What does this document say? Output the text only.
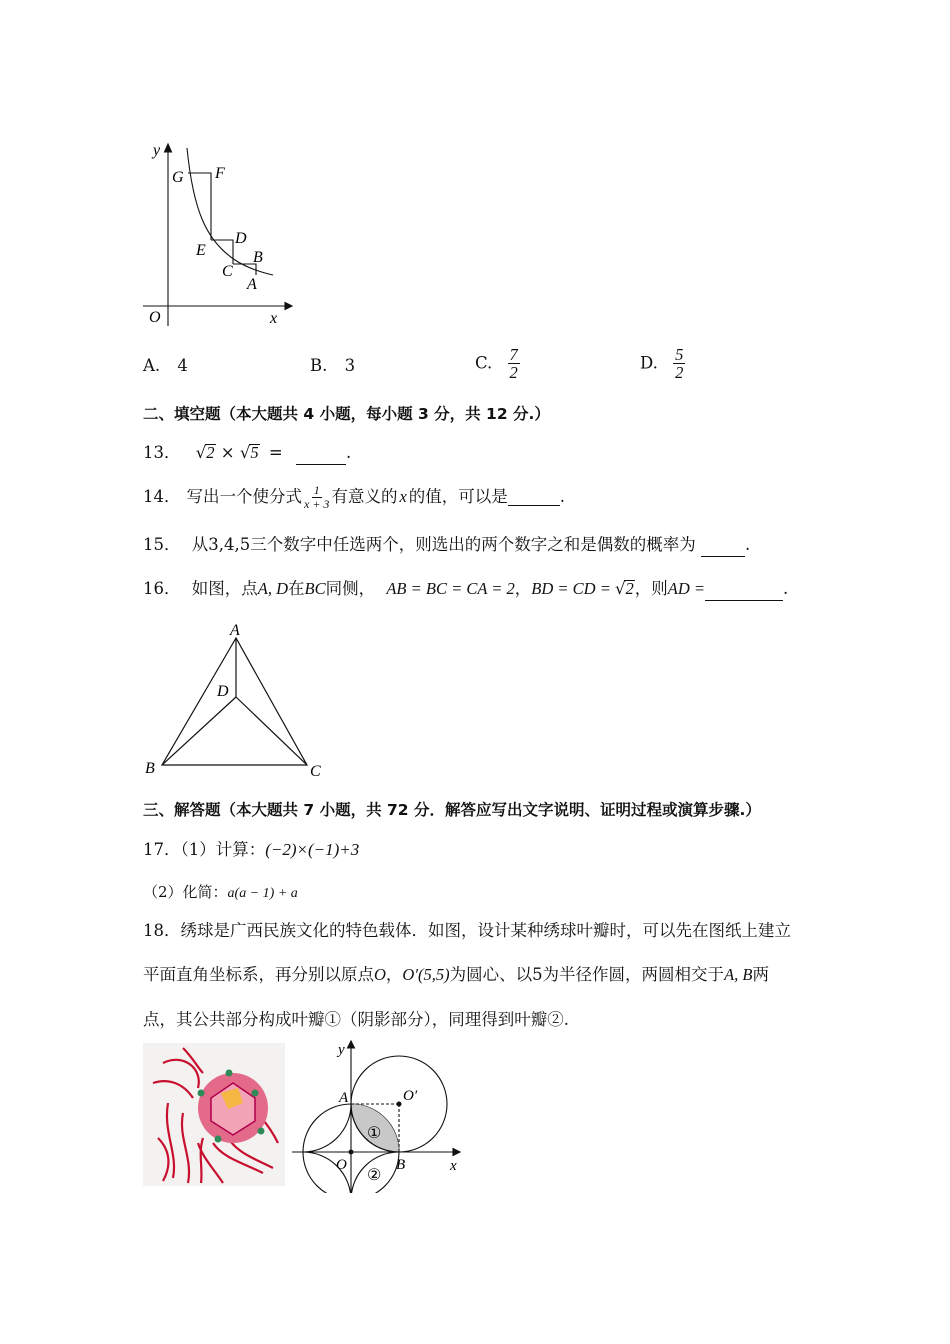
y
G F
E
D
C
B
A
O	x
A. 4	B. 3	C. $\frac{7}{2}$	D. $\frac{5}{2}$
二、填空题（本大题共 4 小题，每小题 3 分，共 12 分.）
13． √2 × √5 =	.
14． 写出一个使分式 $\frac{1}{x + 3}$ 有意义的 x 的值，可以是
	.
15． 从3,4,5三个数字中任选两个，则选出的两个数字之和是偶数的概率为	.
16． 如图，点A, D在BC同侧， AB = BC = CA = 2，BD = CD = √2，则AD =	.
A
D
B	C
三、解答题（本大题共 7 小题，共 72 分．解答应写出文字说明、证明过程或演算步骤.）
17．（1）计算：(−2)×(−1)+3
（2）化简：a(a − 1) + a
18．绣球是广西民族文化的特色载体．如图，设计某种绣球叶瓣时，可以先在图纸上建立
平面直角坐标系，再分别以原点O，O′(5,5)为圆心、以5为半径作圆，两圆相交于A, B两
点，其公共部分构成叶瓣①（阴影部分），同理得到叶瓣②.
y
A	O′
①
O	B	x
②
